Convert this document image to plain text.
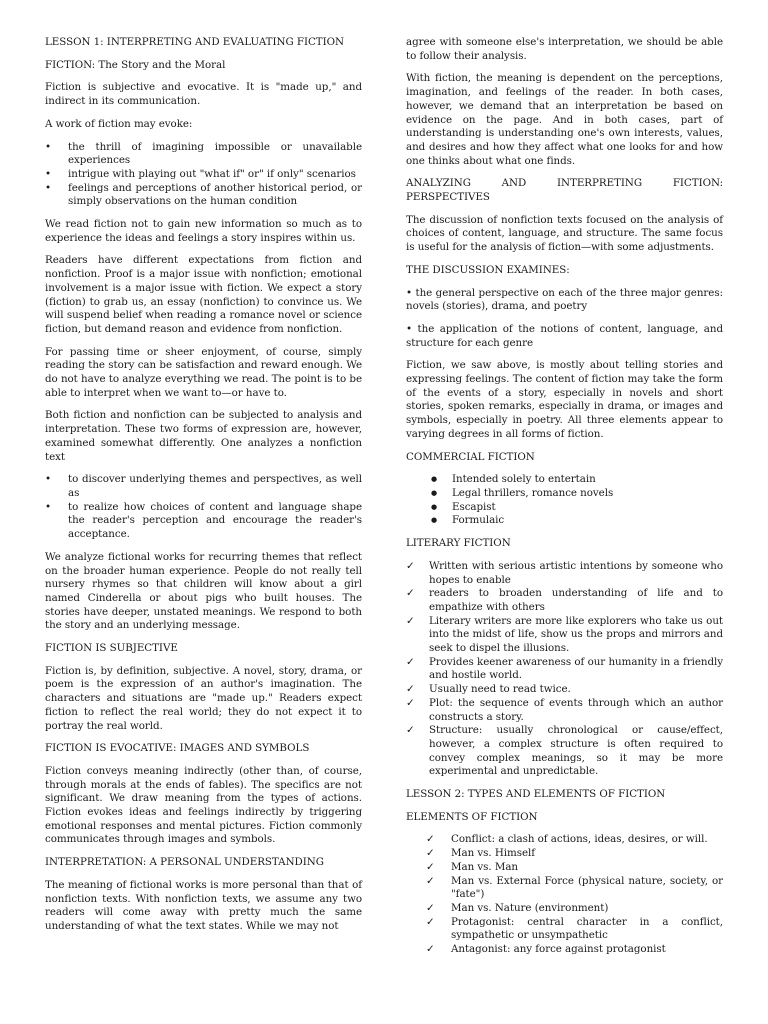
LESSON 1: INTERPRETING AND EVALUATING FICTION

FICTION: The Story and the Moral

Fiction is subjective and evocative. It is "made up," and indirect in its communication.

A work of fiction may evoke:

• the thrill of imagining impossible or unavailable experiences
• intrigue with playing out "what if" or" if only" scenarios
• feelings and perceptions of another historical period, or simply observations on the human condition

We read fiction not to gain new information so much as to experience the ideas and feelings a story inspires within us.

Readers have different expectations from fiction and nonfiction. Proof is a major issue with nonfiction; emotional involvement is a major issue with fiction. We expect a story (fiction) to grab us, an essay (nonfiction) to convince us. We will suspend belief when reading a romance novel or science fiction, but demand reason and evidence from nonfiction.

For passing time or sheer enjoyment, of course, simply reading the story can be satisfaction and reward enough. We do not have to analyze everything we read. The point is to be able to interpret when we want to—or have to.

Both fiction and nonfiction can be subjected to analysis and interpretation. These two forms of expression are, however, examined somewhat differently. One analyzes a nonfiction text

• to discover underlying themes and perspectives, as well as
• to realize how choices of content and language shape the reader's perception and encourage the reader's acceptance.

We analyze fictional works for recurring themes that reflect on the broader human experience. People do not really tell nursery rhymes so that children will know about a girl named Cinderella or about pigs who built houses. The stories have deeper, unstated meanings. We respond to both the story and an underlying message.

FICTION IS SUBJECTIVE

Fiction is, by definition, subjective. A novel, story, drama, or poem is the expression of an author's imagination. The characters and situations are "made up." Readers expect fiction to reflect the real world; they do not expect it to portray the real world.

FICTION IS EVOCATIVE: IMAGES AND SYMBOLS

Fiction conveys meaning indirectly (other than, of course, through morals at the ends of fables). The specifics are not significant. We draw meaning from the types of actions. Fiction evokes ideas and feelings indirectly by triggering emotional responses and mental pictures. Fiction commonly communicates through images and symbols.

INTERPRETATION: A PERSONAL UNDERSTANDING

The meaning of fictional works is more personal than that of nonfiction texts. With nonfiction texts, we assume any two readers will come away with pretty much the same understanding of what the text states. While we may not

agree with someone else's interpretation, we should be able to follow their analysis.

With fiction, the meaning is dependent on the perceptions, imagination, and feelings of the reader. In both cases, however, we demand that an interpretation be based on evidence on the page. And in both cases, part of understanding is understanding one's own interests, values, and desires and how they affect what one looks for and how one thinks about what one finds.

ANALYZING AND INTERPRETING FICTION: PERSPECTIVES

The discussion of nonfiction texts focused on the analysis of choices of content, language, and structure. The same focus is useful for the analysis of fiction—with some adjustments.

THE DISCUSSION EXAMINES:

• the general perspective on each of the three major genres: novels (stories), drama, and poetry

• the application of the notions of content, language, and structure for each genre

Fiction, we saw above, is mostly about telling stories and expressing feelings. The content of fiction may take the form of the events of a story, especially in novels and short stories, spoken remarks, especially in drama, or images and symbols, especially in poetry. All three elements appear to varying degrees in all forms of fiction.

COMMERCIAL FICTION

● Intended solely to entertain
● Legal thrillers, romance novels
● Escapist
● Formulaic

LITERARY FICTION

✓ Written with serious artistic intentions by someone who hopes to enable
✓ readers to broaden understanding of life and to empathize with others
✓ Literary writers are more like explorers who take us out into the midst of life, show us the props and mirrors and seek to dispel the illusions.
✓ Provides keener awareness of our humanity in a friendly and hostile world.
✓ Usually need to read twice.
✓ Plot: the sequence of events through which an author constructs a story.
✓ Structure: usually chronological or cause/effect, however, a complex structure is often required to convey complex meanings, so it may be more experimental and unpredictable.

LESSON 2: TYPES AND ELEMENTS OF FICTION

ELEMENTS OF FICTION

✓ Conflict: a clash of actions, ideas, desires, or will.
✓ Man vs. Himself
✓ Man vs. Man
✓ Man vs. External Force (physical nature, society, or "fate")
✓ Man vs. Nature (environment)
✓ Protagonist: central character in a conflict, sympathetic or unsympathetic
✓ Antagonist: any force against protagonist
